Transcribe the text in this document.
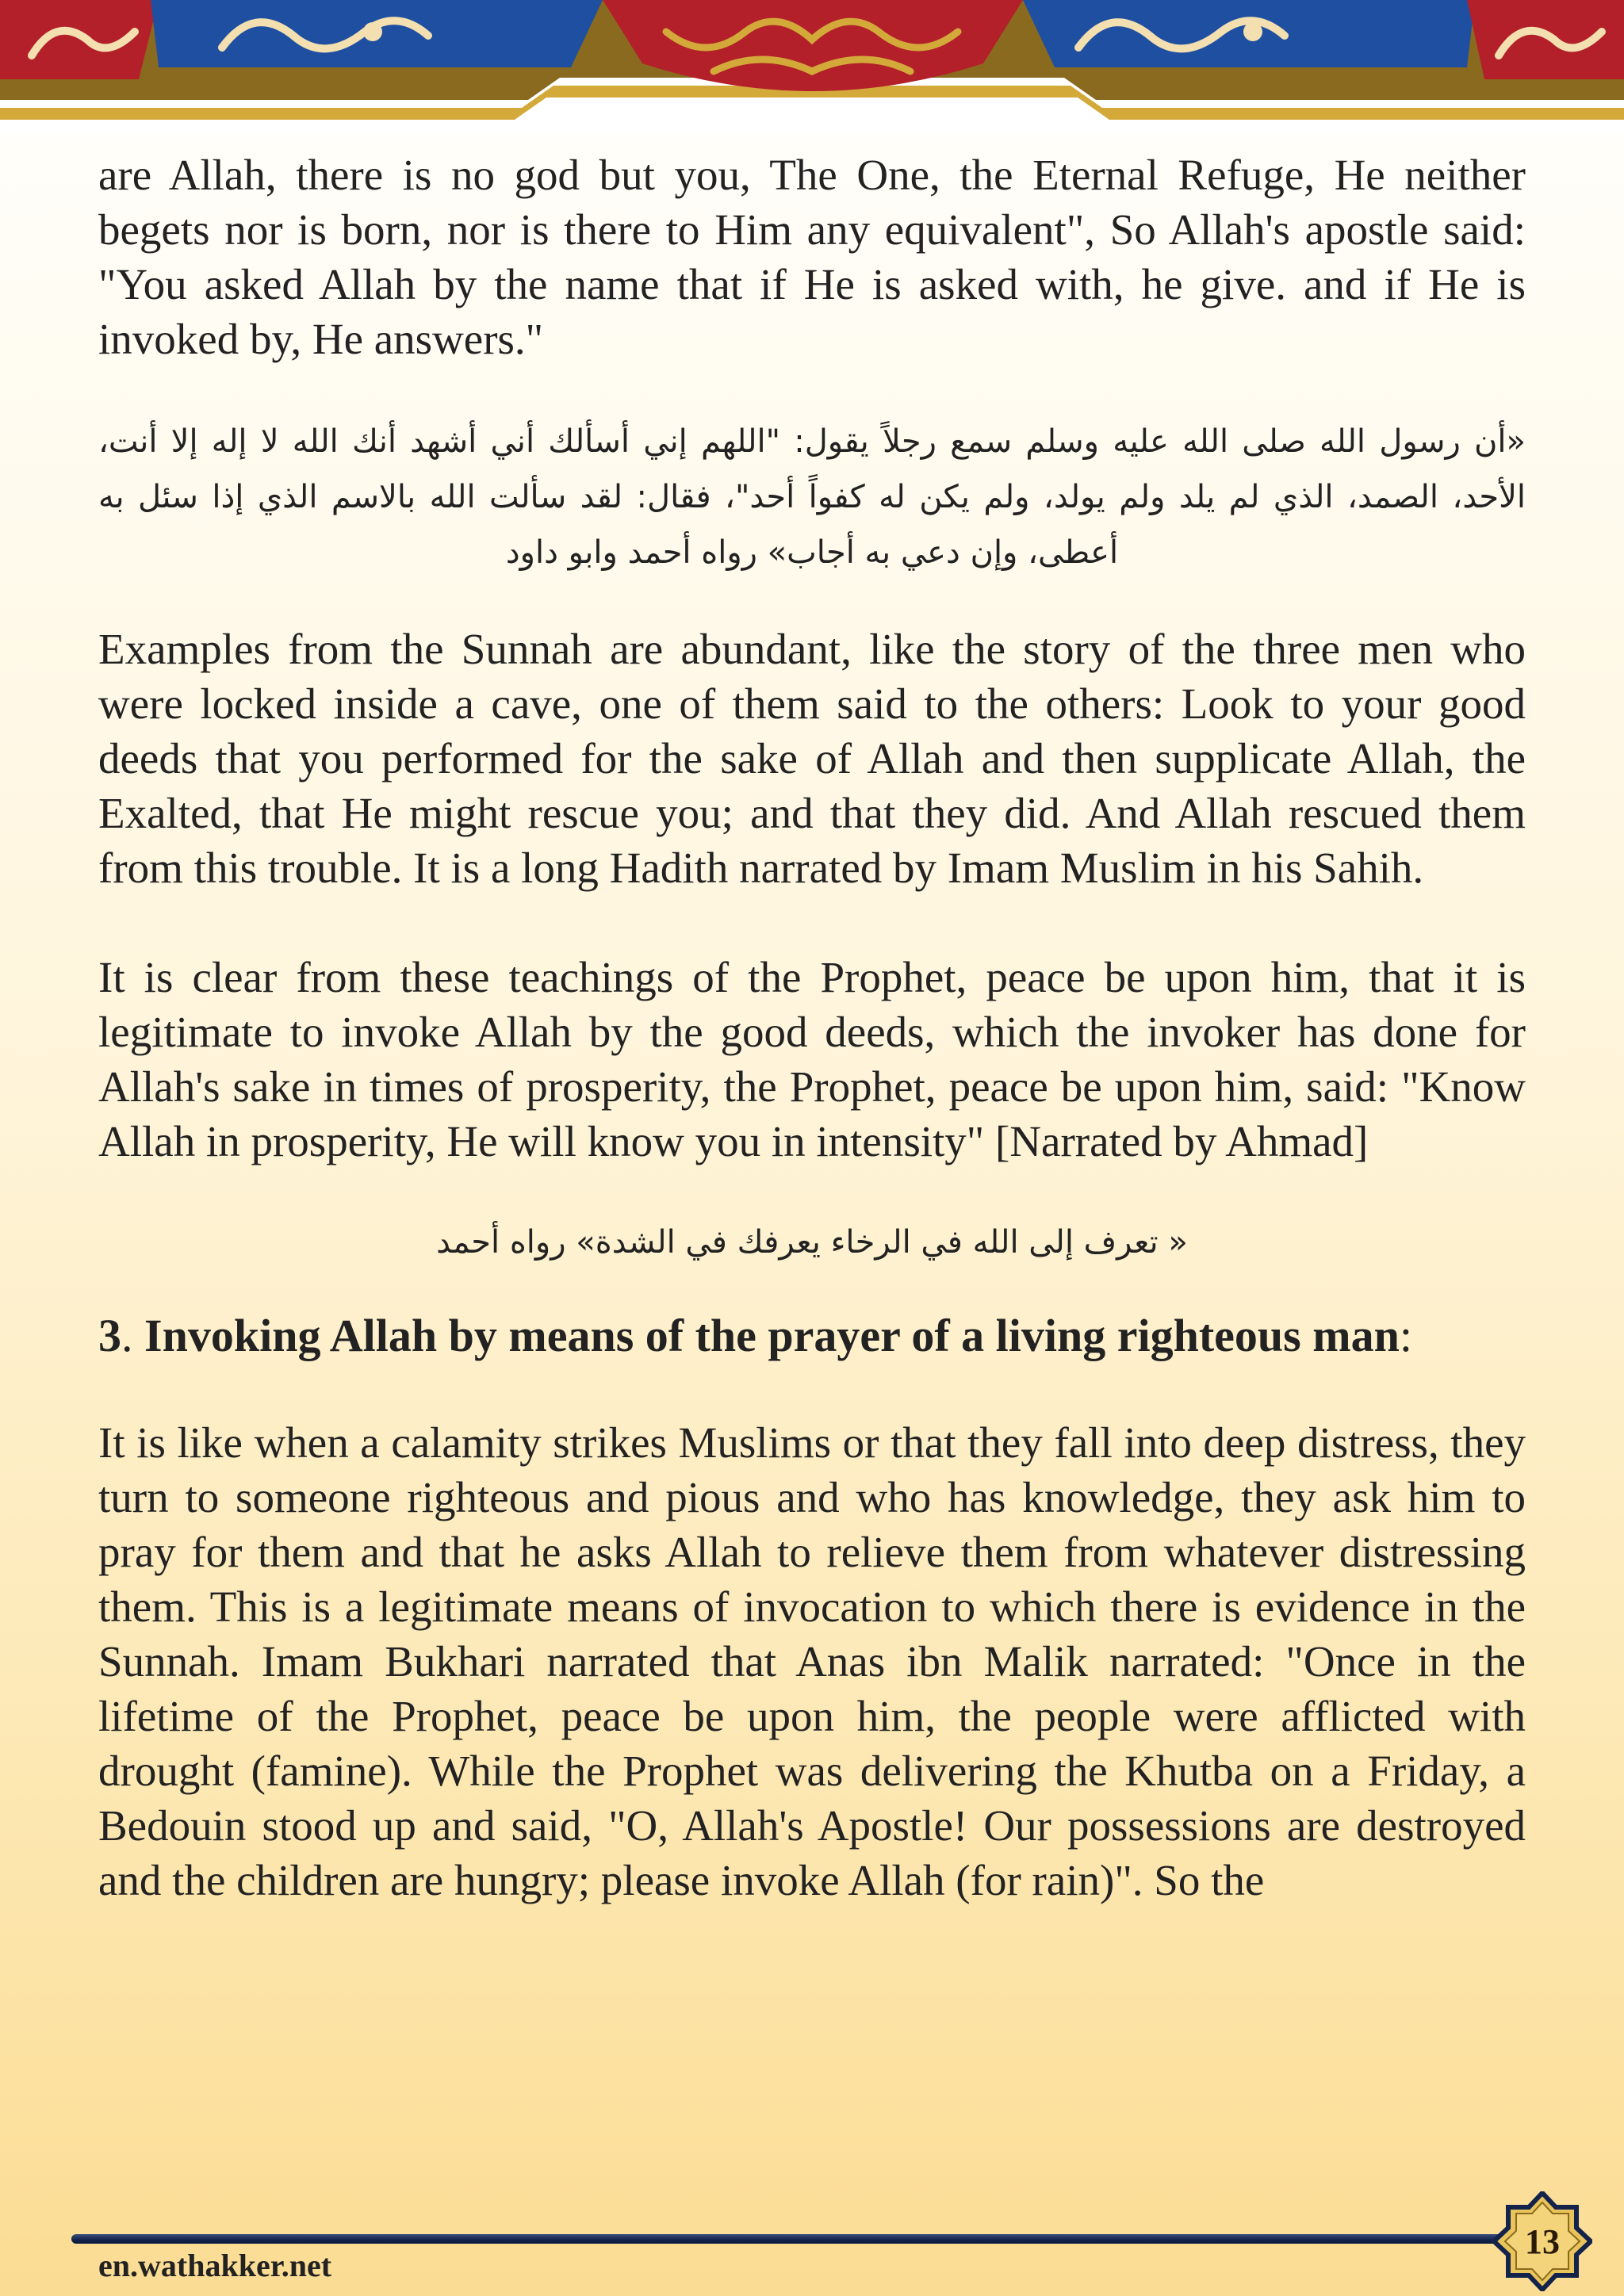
are Allah, there is no god but you, The One, the Eternal Refuge, He neither begets nor is born, nor is there to Him any equivalent", So Allah's apostle said: "You asked Allah by the name that if He is asked with, he give. and if He is invoked by, He answers."

«أن رسول الله صلى الله عليه وسلم سمع رجلاً يقول: "اللهم إني أسألك أني أشهد أنك الله لا إله إلا أنت، الأحد، الصمد، الذي لم يلد ولم يولد، ولم يكن له كفواً أحد"، فقال: لقد سألت الله بالاسم الذي إذا سئل به أعطى، وإن دعي به أجاب» رواه أحمد وابو داود

Examples from the Sunnah are abundant, like the story of the three men who were locked inside a cave, one of them said to the others: Look to your good deeds that you performed for the sake of Allah and then supplicate Allah, the Exalted, that He might rescue you; and that they did. And Allah rescued them from this trouble. It is a long Hadith narrated by Imam Muslim in his Sahih.

It is clear from these teachings of the Prophet, peace be upon him, that it is legitimate to invoke Allah by the good deeds, which the invoker has done for Allah's sake in times of prosperity, the Prophet, peace be upon him, said: "Know Allah in prosperity, He will know you in intensity" [Narrated by Ahmad]

« تعرف إلى الله في الرخاء يعرفك في الشدة» رواه أحمد

3. Invoking Allah by means of the prayer of a living righteous man:

It is like when a calamity strikes Muslims or that they fall into deep distress, they turn to someone righteous and pious and who has knowledge, they ask him to pray for them and that he asks Allah to relieve them from whatever distressing them. This is a legitimate means of invocation to which there is evidence in the Sunnah. Imam Bukhari narrated that Anas ibn Malik narrated: "Once in the lifetime of the Prophet, peace be upon him, the people were afflicted with drought (famine). While the Prophet was delivering the Khutba on a Friday, a Bedouin stood up and said, "O, Allah's Apostle! Our possessions are destroyed and the children are hungry; please invoke Allah (for rain)". So the

en.wathakker.net
13
